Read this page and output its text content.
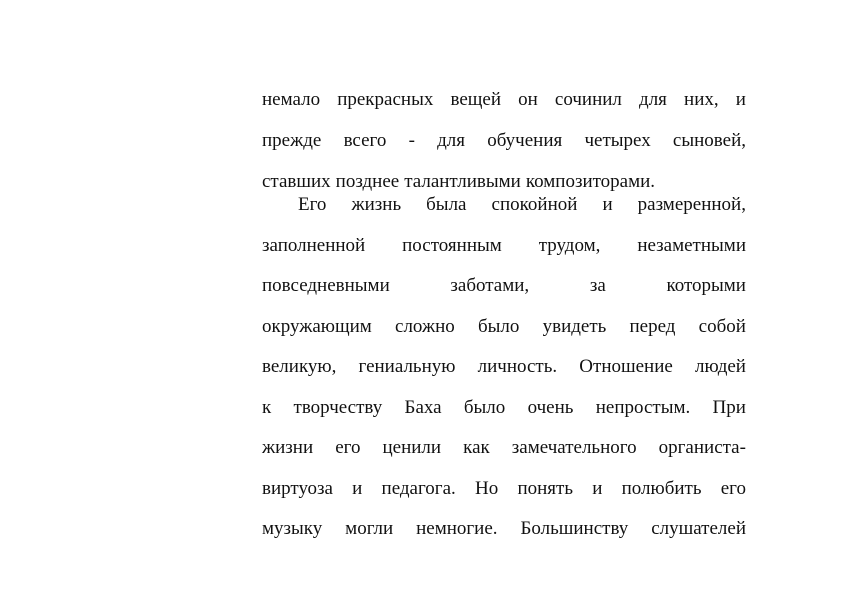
немало прекрасных вещей он сочинил для них, и
прежде всего - для обучения четырех сыновей,
ставших позднее талантливыми композиторами.
Его жизнь была спокойной и размеренной,
заполненной постоянным трудом, незаметными
повседневными	заботами,	за	которыми
окружающим сложно было увидеть перед собой
великую, гениальную личность. Отношение людей
к творчеству Баха было очень непростым. При
жизни его ценили как замечательного органиста-
виртуоза и педагога. Но понять и полюбить его
музыку могли немногие. Большинству слушателей
